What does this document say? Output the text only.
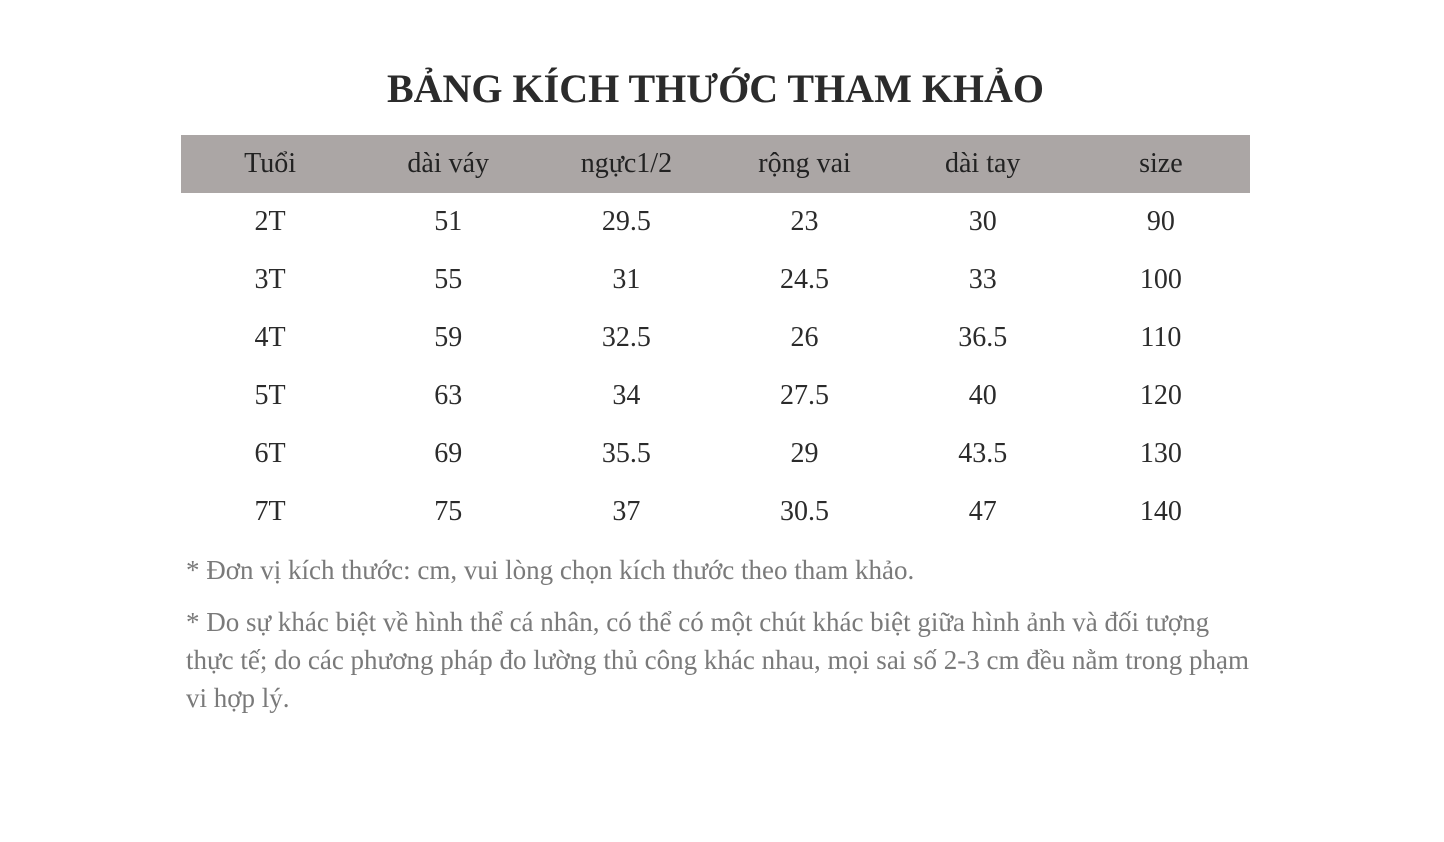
BẢNG KÍCH THƯỚC THAM KHẢO
Tuổi	dài váy	ngực1/2	rộng vai	dài tay	size
2T	51	29.5	23	30	90
3T	55	31	24.5	33	100
4T	59	32.5	26	36.5	110
5T	63	34	27.5	40	120
6T	69	35.5	29	43.5	130
7T	75	37	30.5	47	140

* Đơn vị kích thước: cm, vui lòng chọn kích thước theo tham khảo.

* Do sự khác biệt về hình thể cá nhân, có thể có một chút khác biệt giữa hình ảnh và đối tượng thực tế; do các phương pháp đo lường thủ công khác nhau, mọi sai số 2-3 cm đều nằm trong phạm vi hợp lý.
